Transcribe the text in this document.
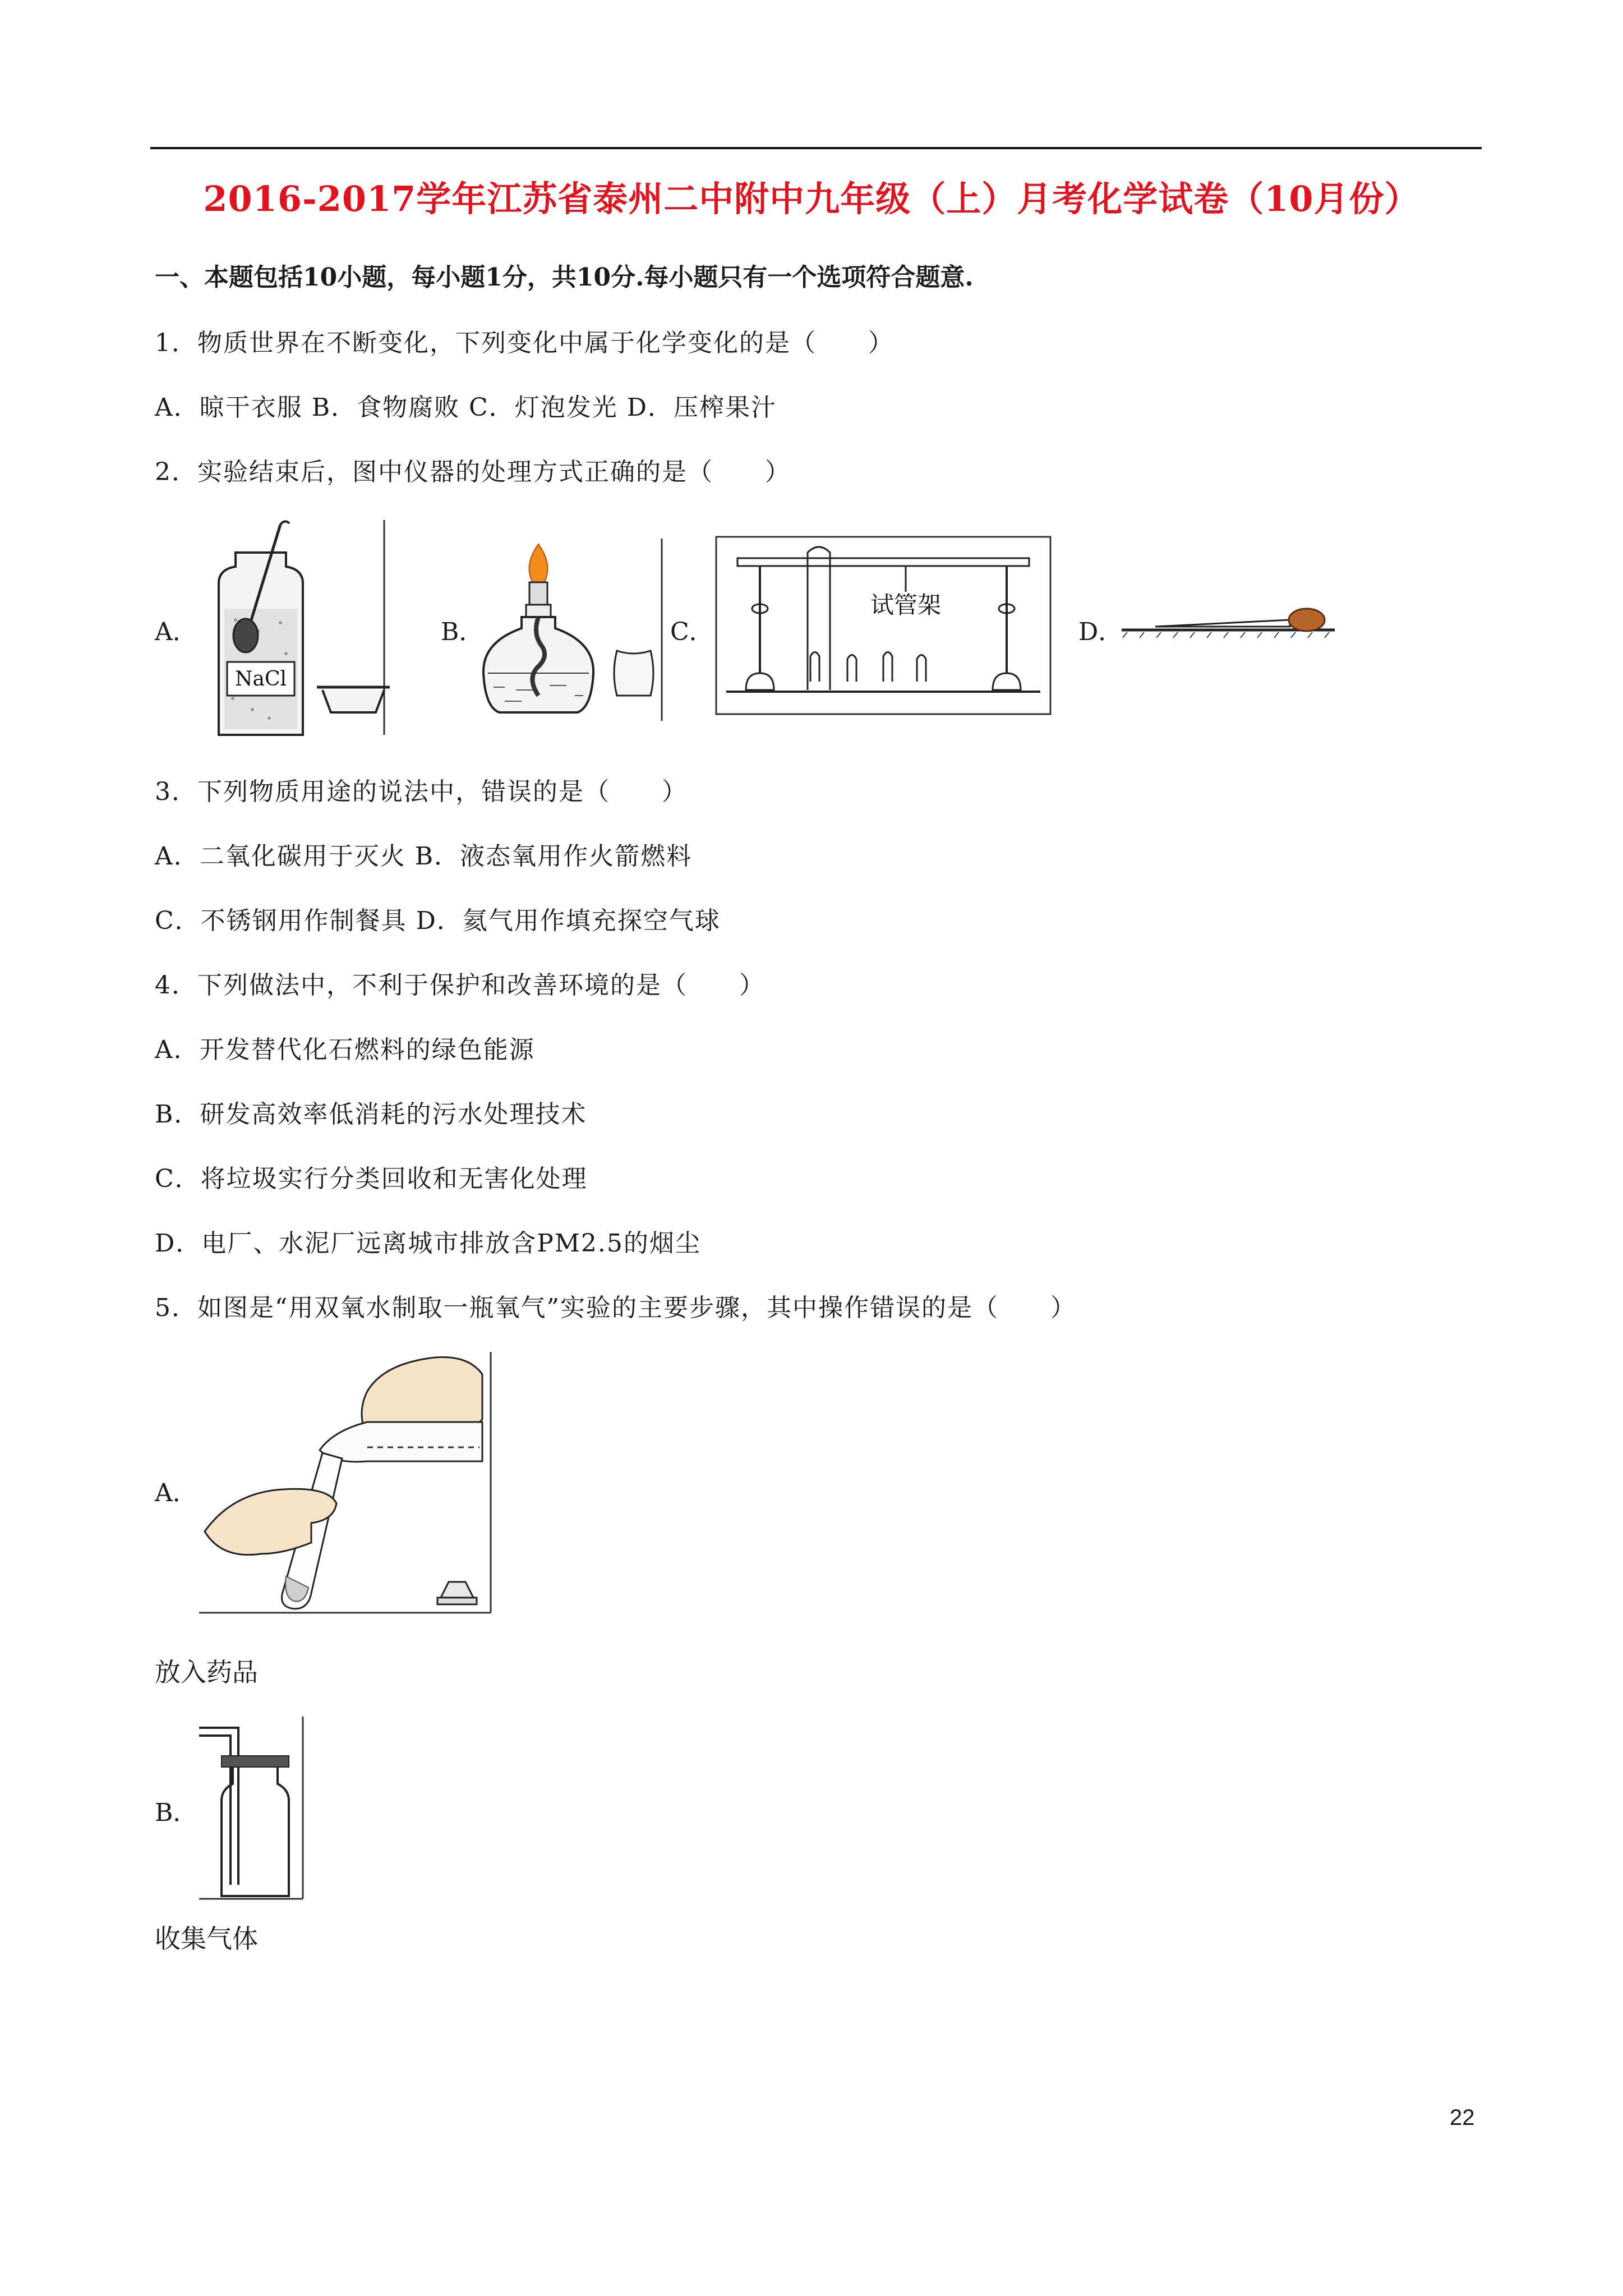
2016-2017学年江苏省泰州二中附中九年级（上）月考化学试卷（10月份）
一、本题包括10小题，每小题1分，共10分.每小题只有一个选项符合题意.
1．物质世界在不断变化，下列变化中属于化学变化的是（　　）
A．晾干衣服 B．食物腐败 C．灯泡发光 D．压榨果汁
2．实验结束后，图中仪器的处理方式正确的是（　　）
A．
NaCl
B．	C．
试管架
D．
3．下列物质用途的说法中，错误的是（　　）
A．二氧化碳用于灭火 B．液态氧用作火箭燃料
C．不锈钢用作制餐具 D．氦气用作填充探空气球
4．下列做法中，不利于保护和改善环境的是（　　）
A．开发替代化石燃料的绿色能源
B．研发高效率低消耗的污水处理技术
C．将垃圾实行分类回收和无害化处理
D．电厂、水泥厂远离城市排放含PM2.5的烟尘
5．如图是“用双氧水制取一瓶氧气”实验的主要步骤，其中操作错误的是（　　）
A．
放入药品
B．
收集气体
22
